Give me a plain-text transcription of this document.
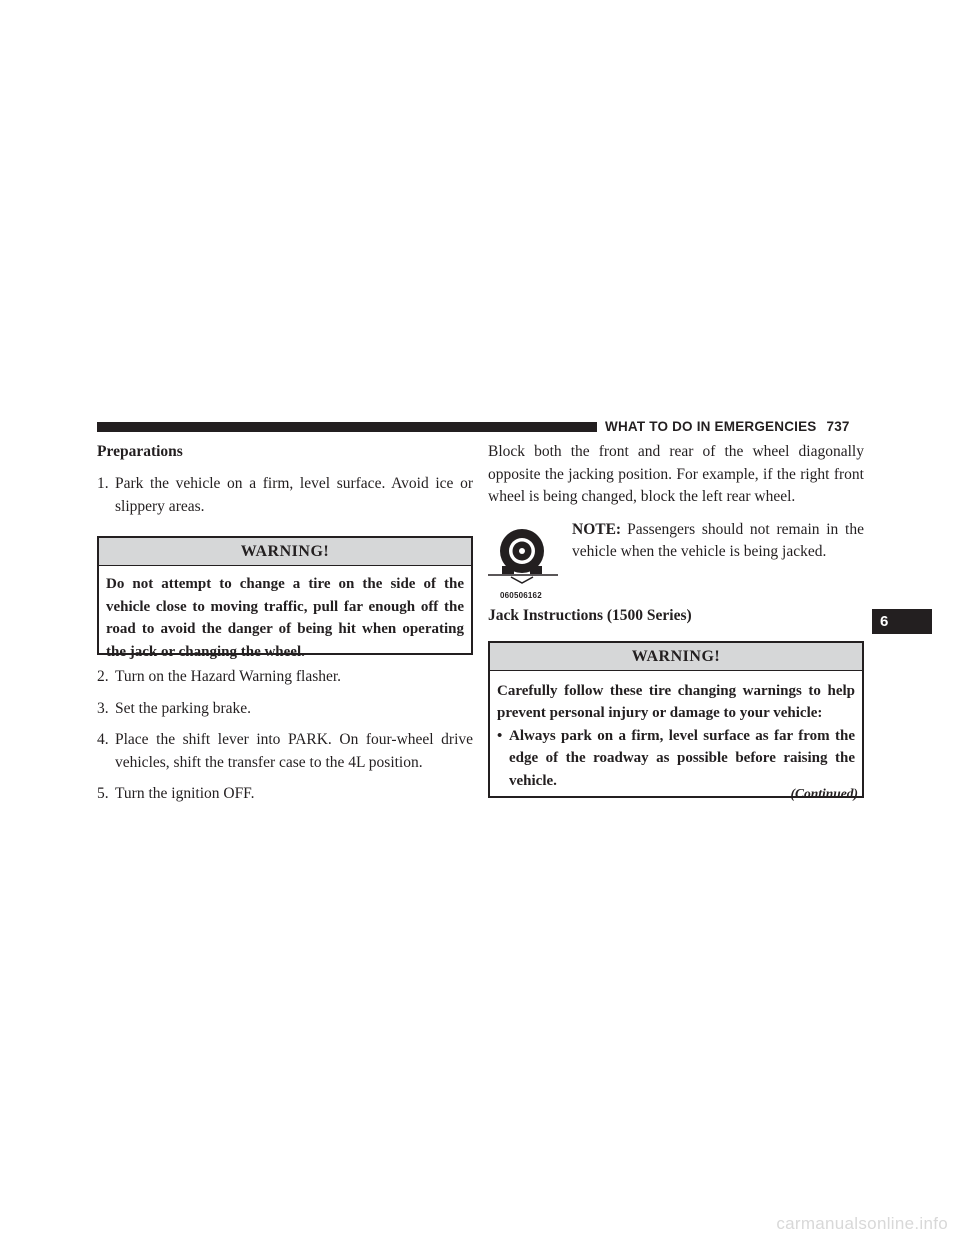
WHAT TO DO IN EMERGENCIES 737

Preparations

1. Park the vehicle on a firm, level surface. Avoid ice or slippery areas.
WARNING!
Do not attempt to change a tire on the side of the vehicle close to moving traffic, pull far enough off the road to avoid the danger of being hit when operating the jack or changing the wheel.
2. Turn on the Hazard Warning flasher.
3. Set the parking brake.
4. Place the shift lever into PARK. On four-wheel drive vehicles, shift the transfer case to the 4L position.
5. Turn the ignition OFF.

Block both the front and rear of the wheel diagonally opposite the jacking position. For example, if the right front wheel is being changed, block the left rear wheel.

060506162
NOTE: Passengers should not remain in the vehicle when the vehicle is being jacked.

Jack Instructions (1500 Series)

WARNING!
Carefully follow these tire changing warnings to help prevent personal injury or damage to your vehicle:
• Always park on a firm, level surface as far from the edge of the roadway as possible before raising the vehicle.
(Continued)
6
carmanualsonline.info
